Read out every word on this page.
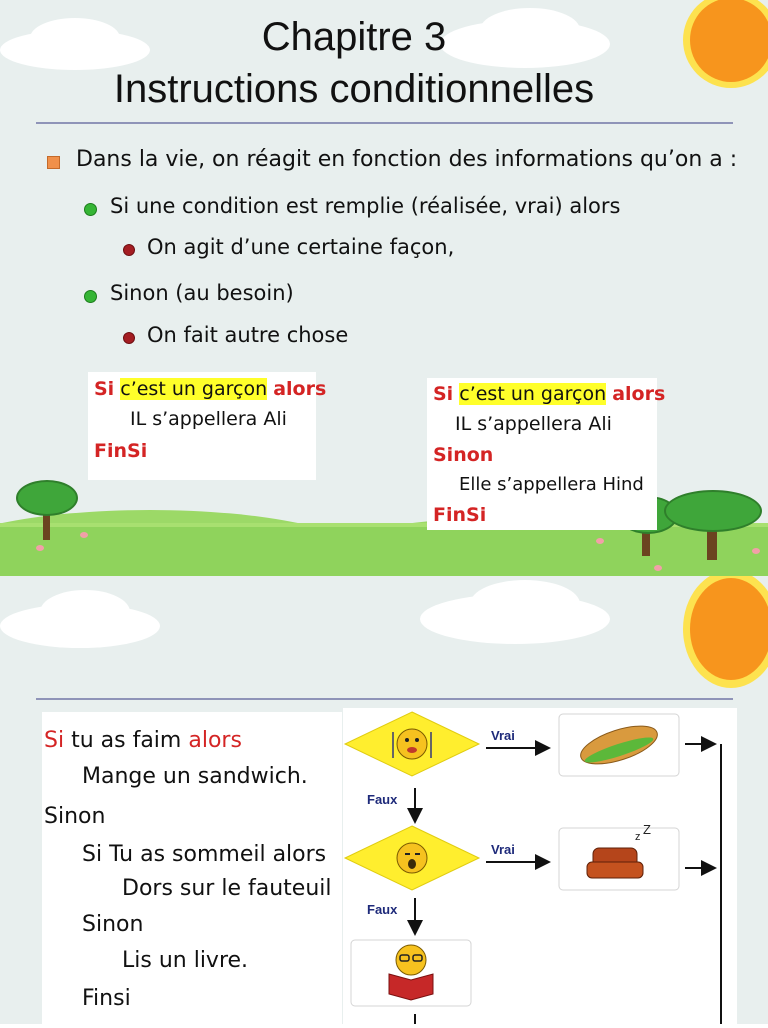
Chapitre 3
Instructions conditionnelles
Dans la vie, on réagit en fonction des informations qu’on a :
Si une condition est remplie (réalisée, vrai) alors
On agit d’une certaine façon,
Sinon (au besoin)
On fait autre chose
Si c’est un garçon alors
IL s’appellera Ali
FinSi
Si c’est un garçon alors
IL s’appellera Ali
Sinon
Elle s’appellera Hind
FinSi
Si tu as faim alors
Mange un sandwich.
Sinon
Si Tu as sommeil alors
Dors sur le fauteuil
Sinon
Lis un livre.
Finsi
Vrai
Faux
Vrai
z Z
Faux
